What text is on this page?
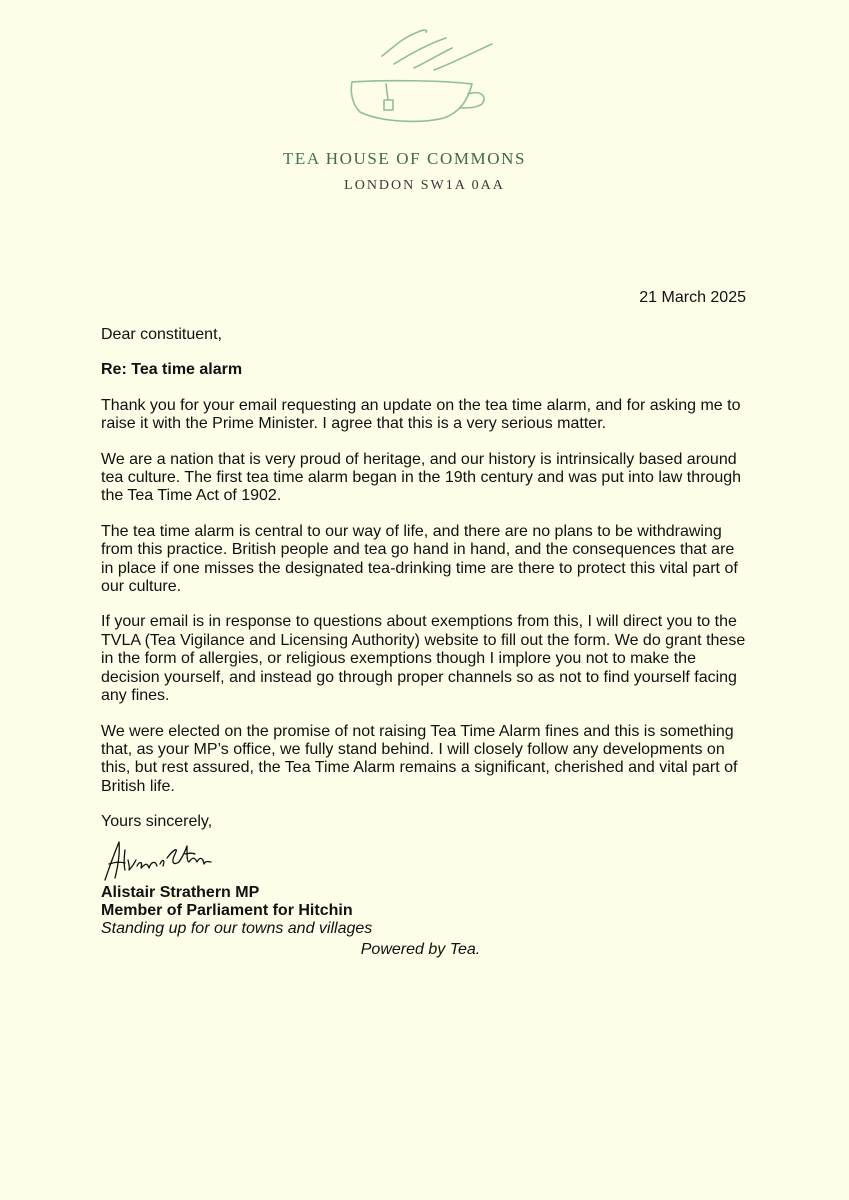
TEA HOUSE OF COMMONS
LONDON SW1A 0AA
21 March 2025

Dear constituent,

Re: Tea time alarm

Thank you for your email requesting an update on the tea time alarm, and for asking me to raise it with the Prime Minister. I agree that this is a very serious matter.

We are a nation that is very proud of heritage, and our history is intrinsically based around tea culture. The first tea time alarm began in the 19th century and was put into law through the Tea Time Act of 1902.

The tea time alarm is central to our way of life, and there are no plans to be withdrawing from this practice. British people and tea go hand in hand, and the consequences that are in place if one misses the designated tea-drinking time are there to protect this vital part of our culture.

If your email is in response to questions about exemptions from this, I will direct you to the TVLA (Tea Vigilance and Licensing Authority) website to fill out the form. We do grant these in the form of allergies, or religious exemptions though I implore you not to make the decision yourself, and instead go through proper channels so as not to find yourself facing any fines.

We were elected on the promise of not raising Tea Time Alarm fines and this is something that, as your MP’s office, we fully stand behind. I will closely follow any developments on this, but rest assured, the Tea Time Alarm remains a significant, cherished and vital part of British life.

Yours sincerely,

Alistair Strathern MP

Member of Parliament for Hitchin

Standing up for our towns and villages

Powered by Tea.
